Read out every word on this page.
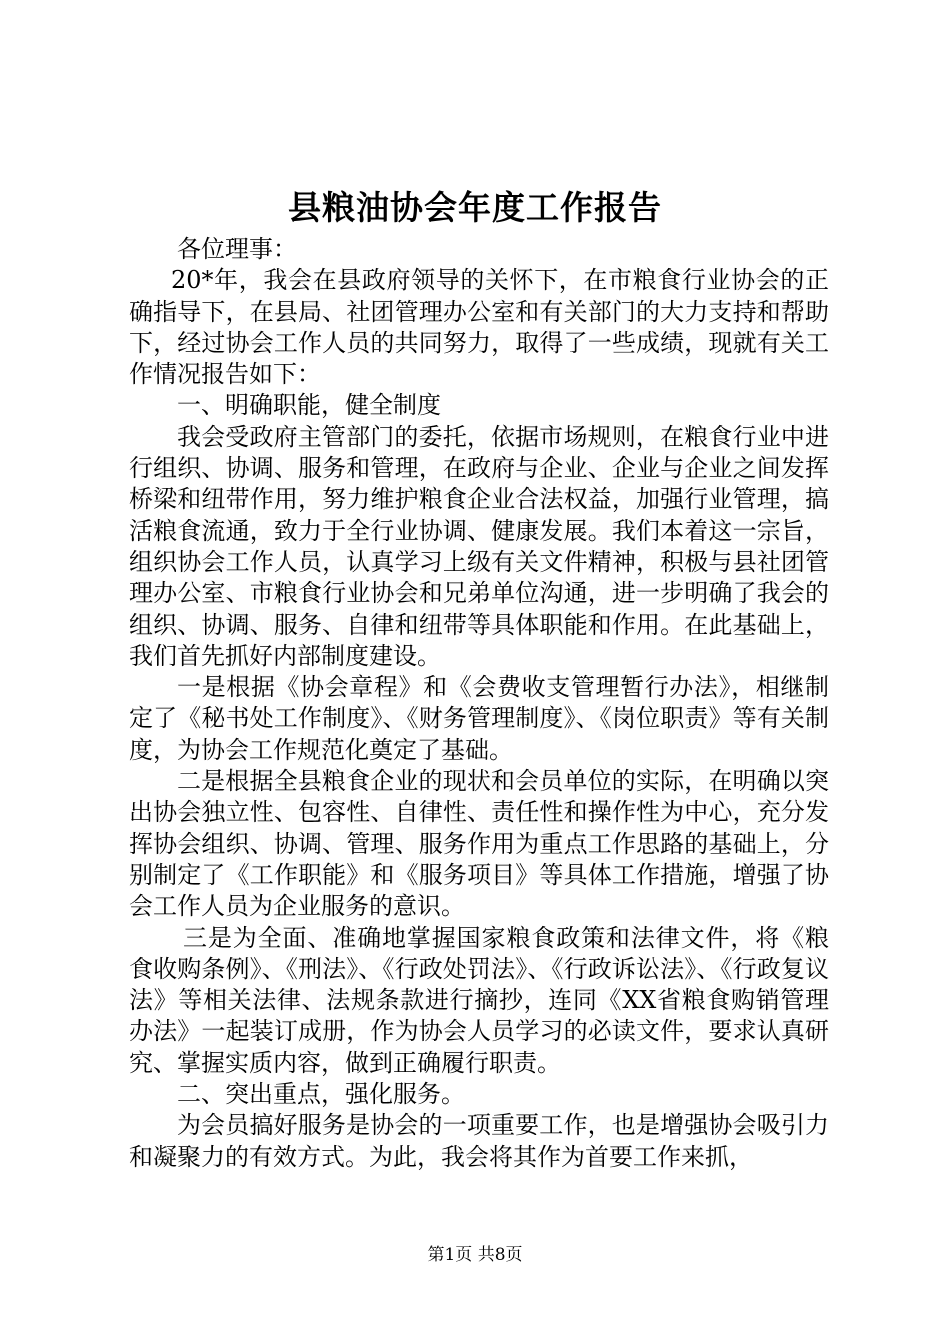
县粮油协会年度工作报告

各位理事：

20*年，我会在县政府领导的关怀下，在市粮食行业协会的正确指导下，在县局、社团管理办公室和有关部门的大力支持和帮助下，经过协会工作人员的共同努力，取得了一些成绩，现就有关工作情况报告如下：

一、明确职能，健全制度

我会受政府主管部门的委托，依据市场规则，在粮食行业中进行组织、协调、服务和管理，在政府与企业、企业与企业之间发挥桥梁和纽带作用，努力维护粮食企业合法权益，加强行业管理，搞活粮食流通，致力于全行业协调、健康发展。我们本着这一宗旨，组织协会工作人员，认真学习上级有关文件精神，积极与县社团管理办公室、市粮食行业协会和兄弟单位沟通，进一步明确了我会的组织、协调、服务、自律和纽带等具体职能和作用。在此基础上，我们首先抓好内部制度建设。

一是根据《协会章程》和《会费收支管理暂行办法》，相继制定了《秘书处工作制度》、《财务管理制度》、《岗位职责》等有关制度，为协会工作规范化奠定了基础。

二是根据全县粮食企业的现状和会员单位的实际，在明确以突出协会独立性、包容性、自律性、责任性和操作性为中心，充分发挥协会组织、协调、管理、服务作用为重点工作思路的基础上，分别制定了《工作职能》和《服务项目》等具体工作措施，增强了协会工作人员为企业服务的意识。

三是为全面、准确地掌握国家粮食政策和法律文件，将《粮食收购条例》、《刑法》、《行政处罚法》、《行政诉讼法》、《行政复议法》等相关法律、法规条款进行摘抄，连同《XX省粮食购销管理办法》一起装订成册，作为协会人员学习的必读文件，要求认真研究、掌握实质内容，做到正确履行职责。

二、突出重点，强化服务。

为会员搞好服务是协会的一项重要工作，也是增强协会吸引力和凝聚力的有效方式。为此，我会将其作为首要工作来抓，

第1页 共8页
